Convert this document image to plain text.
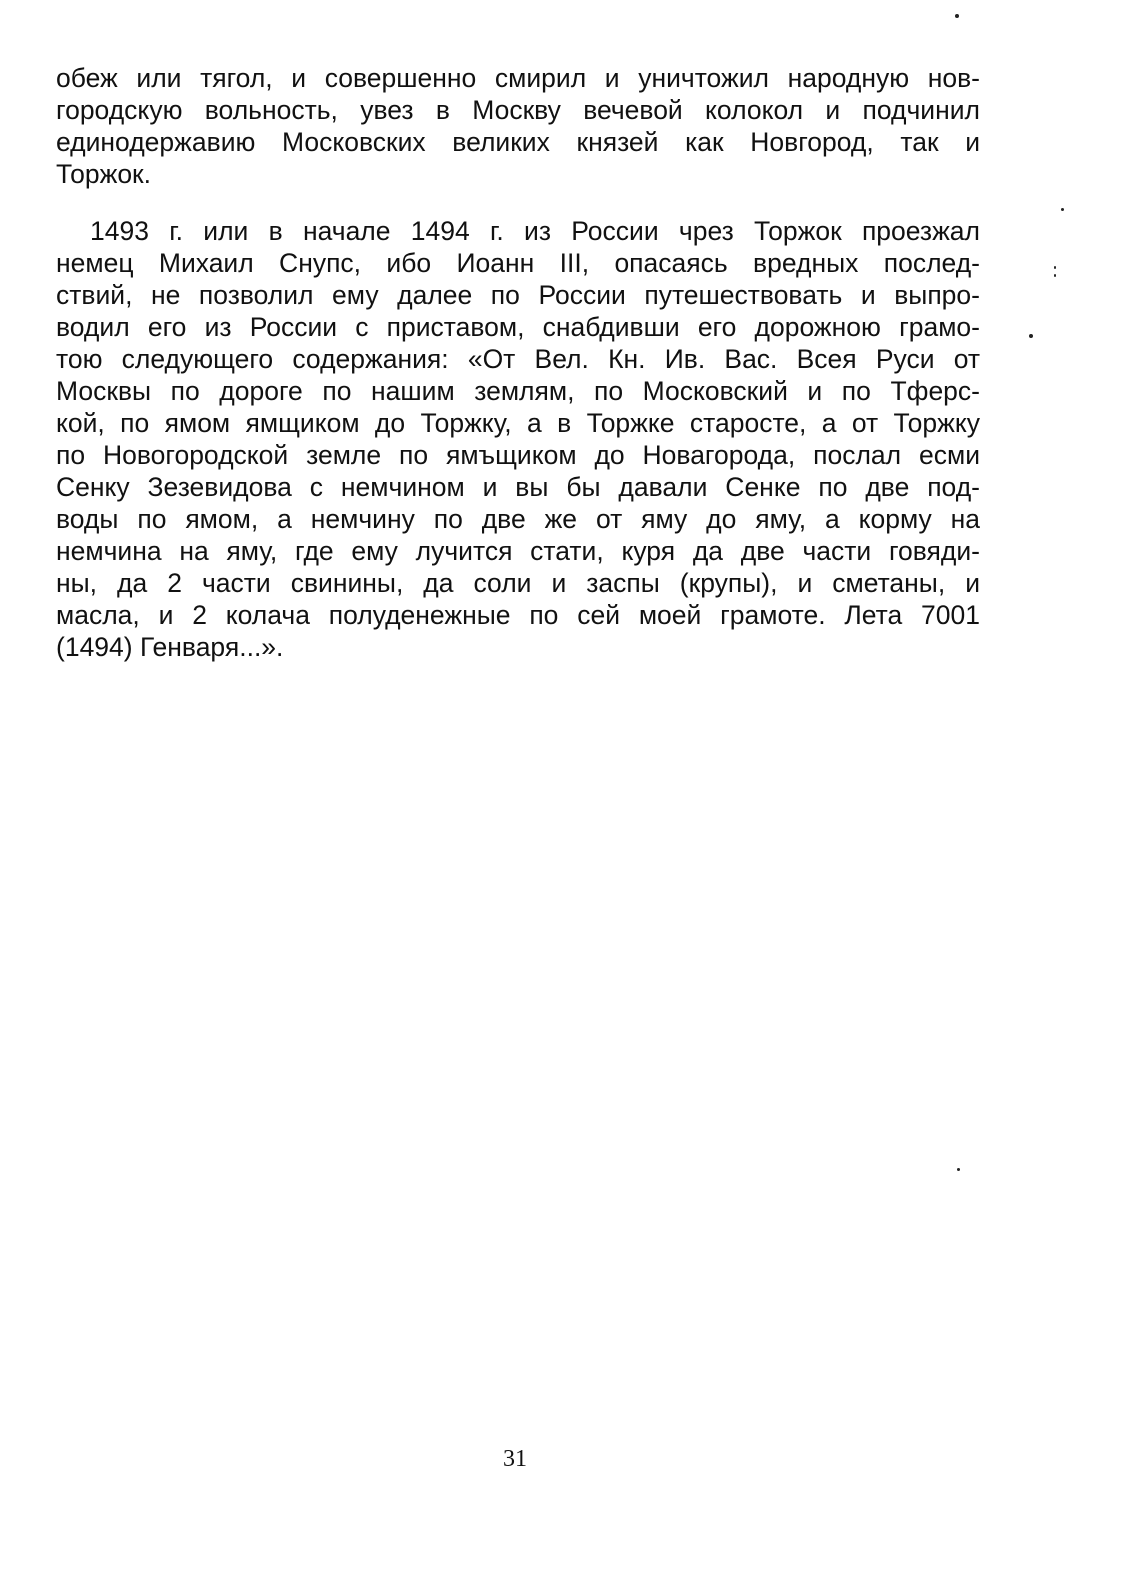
обеж или тягол, и совершенно смирил и уничтожил народную нов-
городскую вольность, увез в Москву вечевой колокол и подчинил
единодержавию Московских великих князей как Новгород, так и
Торжок.
1493 г. или в начале 1494 г. из России чрез Торжок проезжал
немец Михаил Снупс, ибо Иоанн III, опасаясь вредных послед-
ствий, не позволил ему далее по России путешествовать и выпро-
водил его из России с приставом, снабдивши его дорожною грамо-
тою следующего содержания: «От Вел. Кн. Ив. Вас. Всея Руси от
Москвы по дороге по нашим землям, по Московский и по Тферс-
кой, по ямом ямщиком до Торжку, а в Торжке старосте, а от Торжку
по Новогородской земле по ямъщиком до Новагорода, послал есми
Сенку Зезевидова с немчином и вы бы давали Сенке по две под-
воды по ямом, а немчину по две же от яму до яму, а корму на
немчина на яму, где ему лучится стати, куря да две части говяди-
ны, да 2 части свинины, да соли и заспы (крупы), и сметаны, и
масла, и 2 колача полуденежные по сей моей грамоте. Лета 7001
(1494) Генваря...».
31
